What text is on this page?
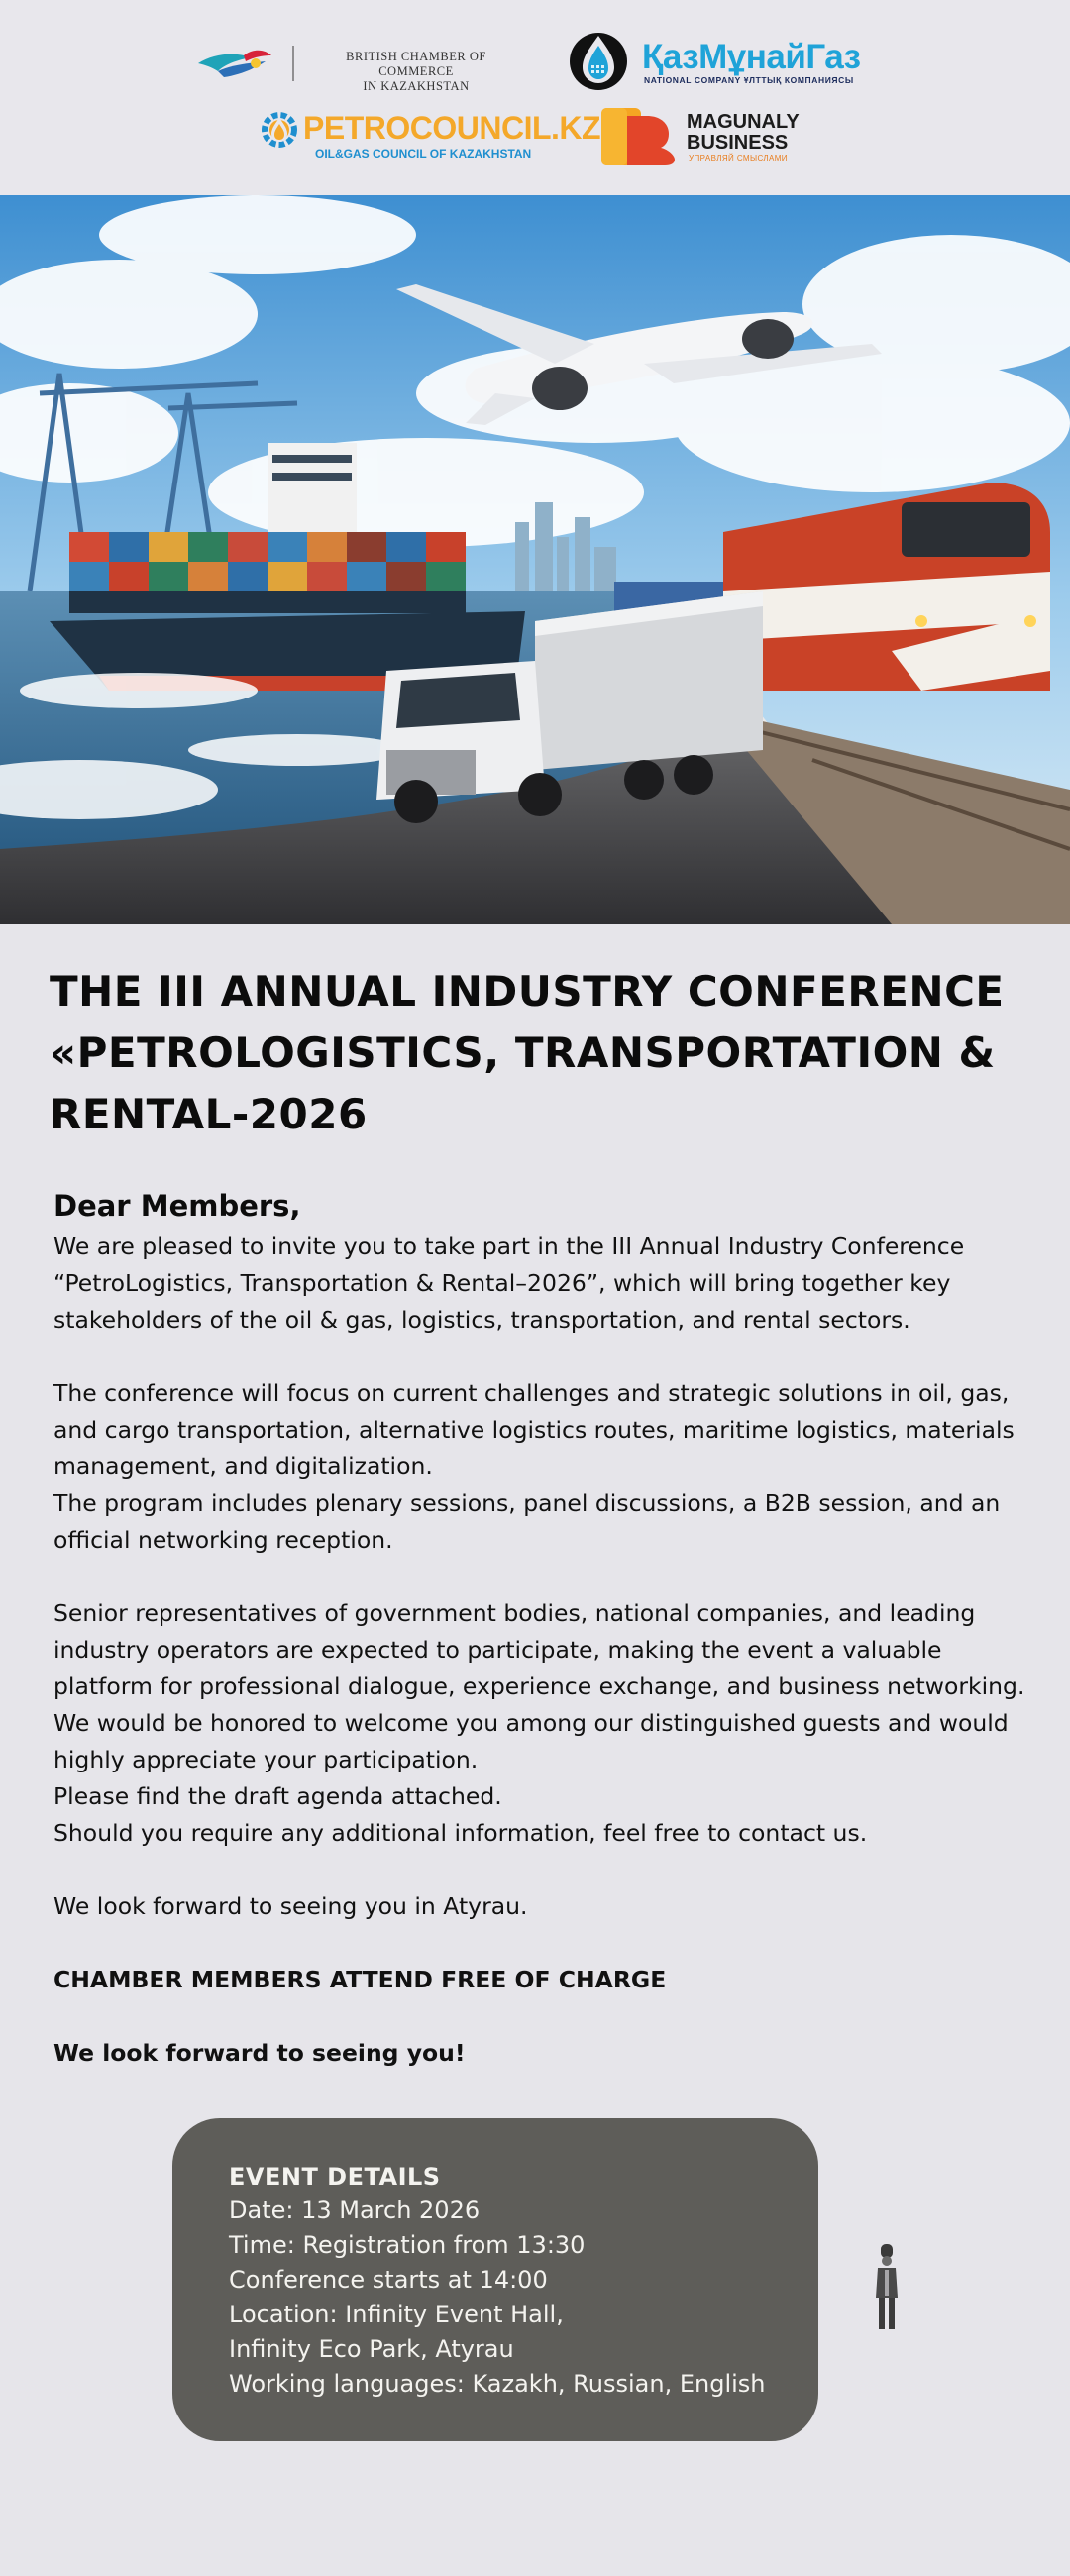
BRITISH CHAMBER OF COMMERCE
IN KAZAKHSTAN
ҚазМұнайГаз
NATIONAL COMPANY ҰЛТТЫҚ КОМПАНИЯСЫ
PETROCOUNCIL.KZ
OIL&GAS COUNCIL OF KAZAKHSTAN
MAGUNALY
BUSINESS
УПРАВЛЯЙ СМЫСЛАМИ
THE III ANNUAL INDUSTRY CONFERENCE
«PETROLOGISTICS, TRANSPORTATION &
RENTAL-2026
Dear Members,

We are pleased to invite you to take part in the III Annual Industry Conference “PetroLogistics, Transportation & Rental–2026”, which will bring together key stakeholders of the oil & gas, logistics, transportation, and rental sectors.

The conference will focus on current challenges and strategic solutions in oil, gas, and cargo transportation, alternative logistics routes, maritime logistics, materials management, and digitalization.

The program includes plenary sessions, panel discussions, a B2B session, and an official networking reception.

Senior representatives of government bodies, national companies, and leading industry operators are expected to participate, making the event a valuable platform for professional dialogue, experience exchange, and business networking.

We would be honored to welcome you among our distinguished guests and would highly appreciate your participation.

Please find the draft agenda attached.

Should you require any additional information, feel free to contact us.

We look forward to seeing you in Atyrau.

CHAMBER MEMBERS ATTEND FREE OF CHARGE

We look forward to seeing you!

EVENT DETAILS
Date: 13 March 2026
Time: Registration from 13:30
Conference starts at 14:00
Location: Infinity Event Hall,
Infinity Eco Park, Atyrau
Working languages: Kazakh, Russian, English
